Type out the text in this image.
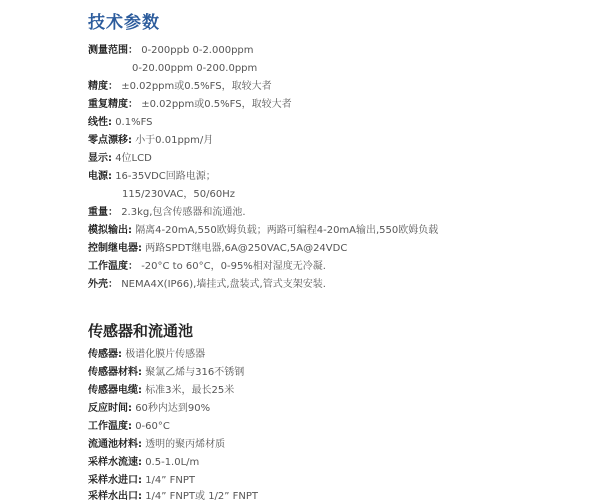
技术参数
测量范围： 0-200ppb 0-2.000ppm
0-20.00ppm 0-200.0ppm
精度： ±0.02ppm或0.5%FS，取较大者
重复精度： ±0.02ppm或0.5%FS，取较大者
线性: 0.1%FS
零点漂移: 小于0.01ppm/月
显示: 4位LCD
电源: 16-35VDC回路电源；
115/230VAC，50/60Hz
重量： 2.3kg,包含传感器和流通池.
模拟输出: 隔离4-20mA,550欧姆负载；两路可编程4-20mA输出,550欧姆负载
控制继电器: 两路SPDT继电器,6A@250VAC,5A@24VDC
工作温度： -20°C to 60°C，0-95%相对湿度无冷凝.
外壳： NEMA4X(IP66),墙挂式,盘装式,管式支架安装.
传感器和流通池
传感器: 极谱化膜片传感器
传感器材料: 聚氯乙烯与316不锈钢
传感器电缆: 标准3米，最长25米
反应时间: 60秒内达到90%
工作温度: 0-60°C
流通池材料: 透明的聚丙烯材质
采样水流速: 0.5-1.0L/m
采样水进口: 1/4” FNPT
采样水出口: 1/4” FNPT或 1/2” FNPT
